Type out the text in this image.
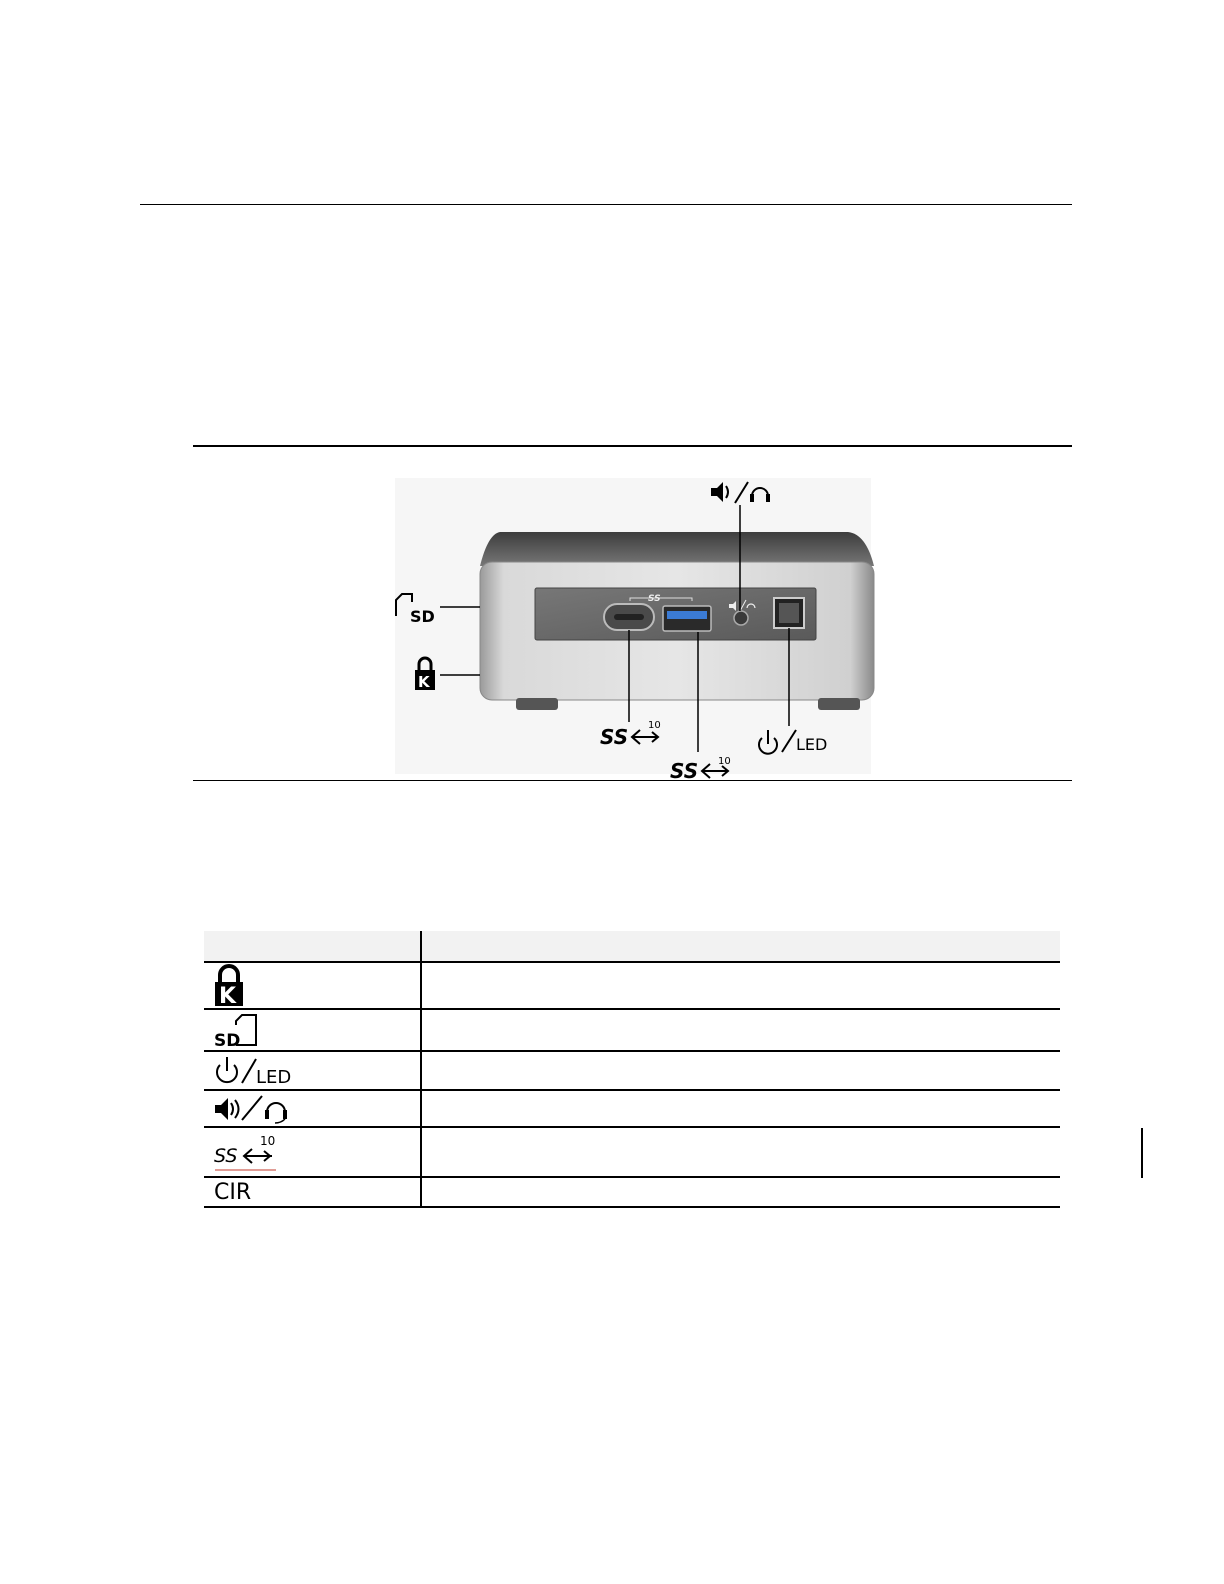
SS
SD
K
SS 10
SS 10
LED

K	

SD	

LED	

SS
10	

CIR	
